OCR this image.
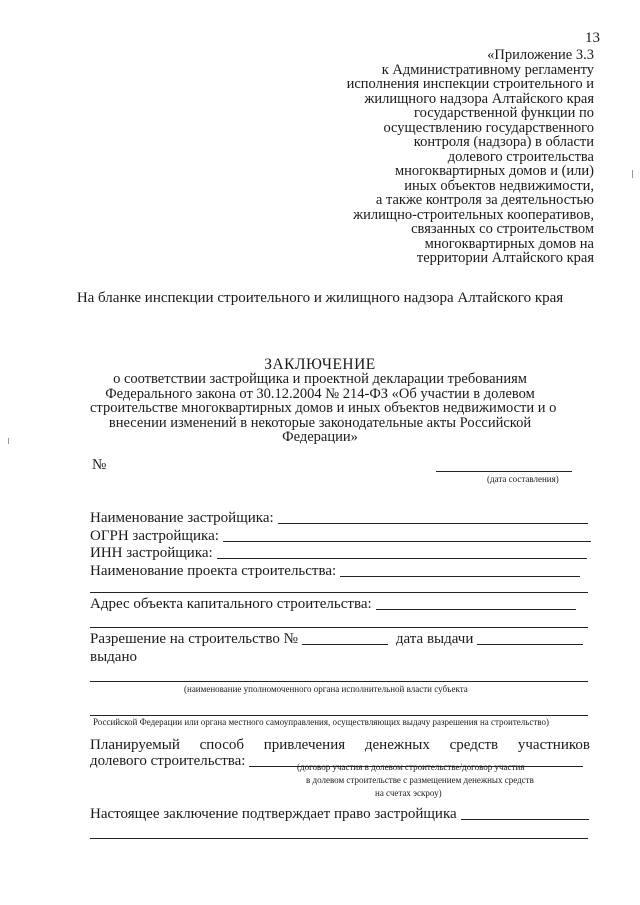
13
«Приложение 3.3
к Административному регламенту
исполнения инспекции строительного и
жилищного надзора Алтайского края
государственной функции по
осуществлению государственного
контроля (надзора) в области
долевого строительства
многоквартирных домов и (или)
иных объектов недвижимости,
а также контроля за деятельностью
жилищно-строительных кооперативов,
связанных со строительством
многоквартирных домов на
территории Алтайского края
На бланке инспекции строительного и жилищного надзора Алтайского края
ЗАКЛЮЧЕНИЕ
о соответствии застройщика и проектной декларации требованиям
Федерального закона от 30.12.2004 № 214-ФЗ «Об участии в долевом
строительстве многоквартирных домов и иных объектов недвижимости и о
внесении изменений в некоторые законодательные акты Российской
Федерации»
№
(дата составления)
Наименование застройщика:
ОГРН застройщика:
ИНН застройщика:
Наименование проекта строительства:
Адрес объекта капитального строительства:
Разрешение на строительство №	дата выдачи
выдано
(наименование уполномоченного органа исполнительной власти субъекта
Российской Федерации или органа местного самоуправления, осуществляющих выдачу разрешения на строительство)
Планируемый способ привлечения денежных средств участников
долевого строительства:	(договор участия в долевом строительстве/договор участия
в долевом строительстве с размещением денежных средств
на счетах эскроу)
Настоящее заключение подтверждает право застройщика
